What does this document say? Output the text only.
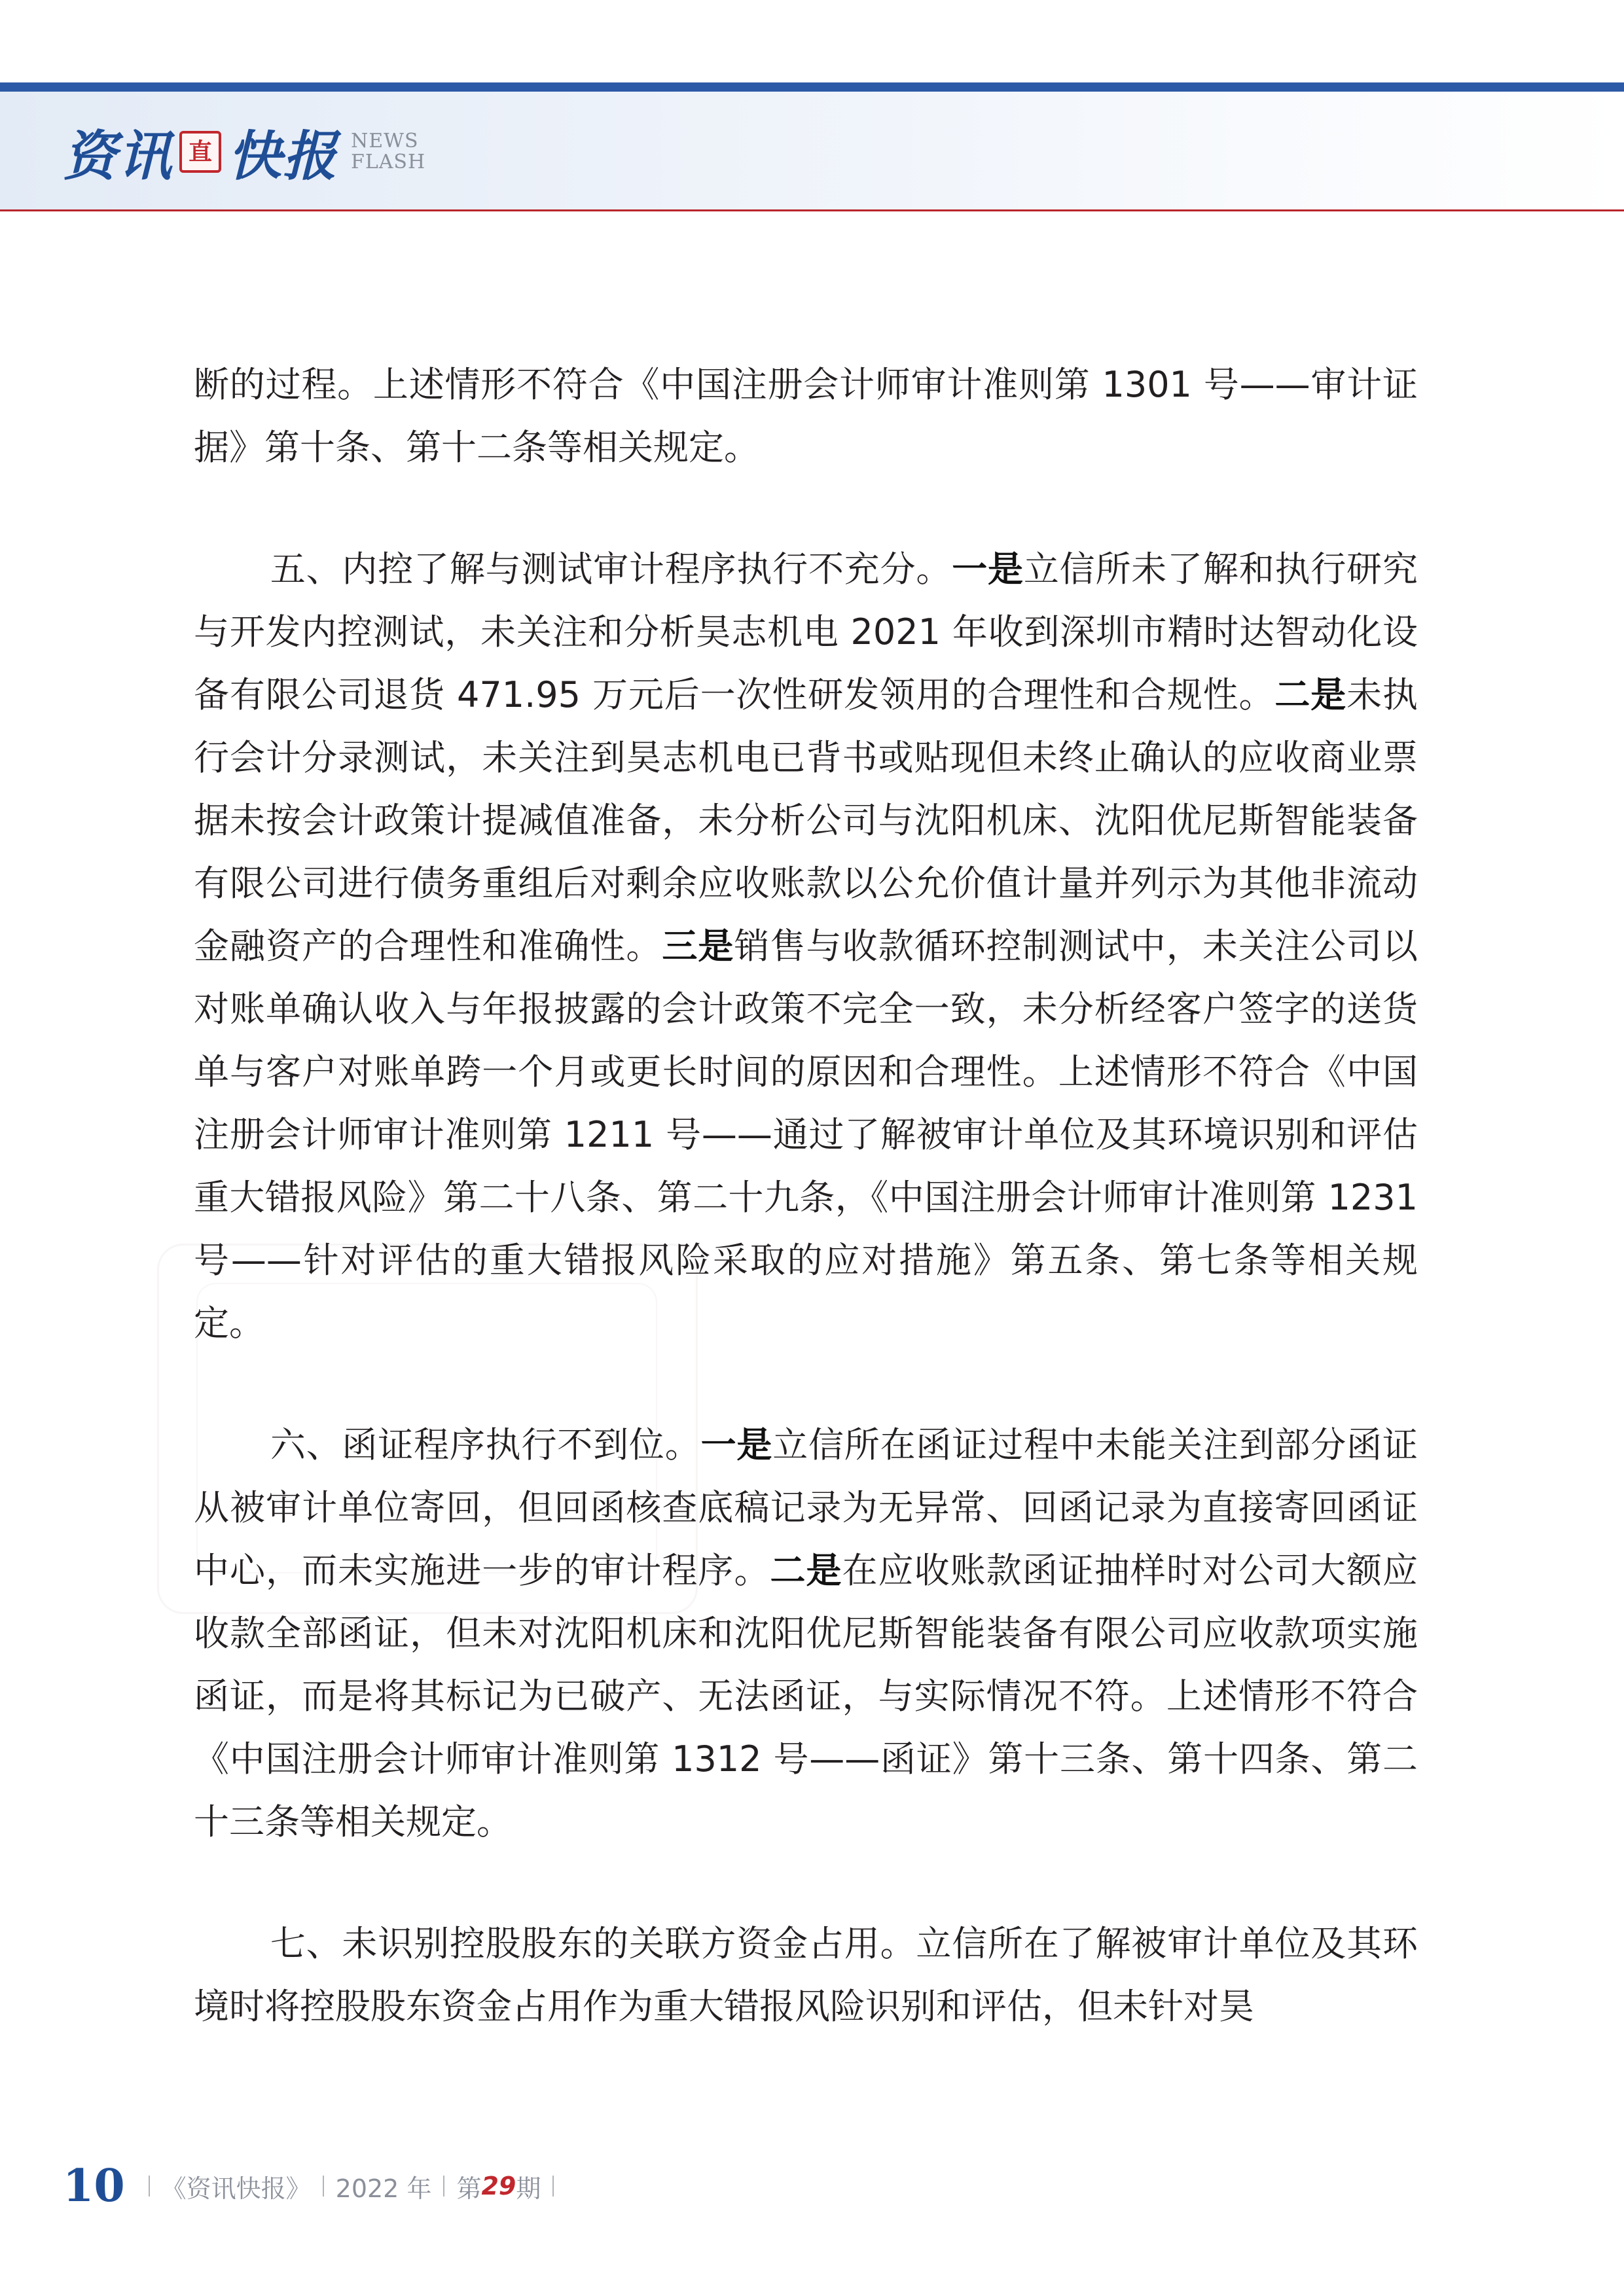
资讯 直 快报 NEWS
FLASH

断的过程。上述情形不符合《中国注册会计师审计准则第 1301 号——审计证据》第十条、第十二条等相关规定。

五、内控了解与测试审计程序执行不充分。一是立信所未了解和执行研究与开发内控测试，未关注和分析昊志机电 2021 年收到深圳市精时达智动化设备有限公司退货 471.95 万元后一次性研发领用的合理性和合规性。二是未执行会计分录测试，未关注到昊志机电已背书或贴现但未终止确认的应收商业票据未按会计政策计提减值准备，未分析公司与沈阳机床、沈阳优尼斯智能装备有限公司进行债务重组后对剩余应收账款以公允价值计量并列示为其他非流动金融资产的合理性和准确性。三是销售与收款循环控制测试中，未关注公司以对账单确认收入与年报披露的会计政策不完全一致，未分析经客户签字的送货单与客户对账单跨一个月或更长时间的原因和合理性。上述情形不符合《中国注册会计师审计准则第 1211 号——通过了解被审计单位及其环境识别和评估重大错报风险》第二十八条、第二十九条，《中国注册会计师审计准则第 1231 号——针对评估的重大错报风险采取的应对措施》第五条、第七条等相关规定。

六、函证程序执行不到位。一是立信所在函证过程中未能关注到部分函证从被审计单位寄回，但回函核查底稿记录为无异常、回函记录为直接寄回函证中心，而未实施进一步的审计程序。二是在应收账款函证抽样时对公司大额应收款全部函证，但未对沈阳机床和沈阳优尼斯智能装备有限公司应收款项实施函证，而是将其标记为已破产、无法函证，与实际情况不符。上述情形不符合《中国注册会计师审计准则第 1312 号——函证》第十三条、第十四条、第二十三条等相关规定。

七、未识别控股股东的关联方资金占用。立信所在了解被审计单位及其环境时将控股股东资金占用作为重大错报风险识别和评估，但未针对昊

10 《资讯快报》 2022 年 第 29 期
